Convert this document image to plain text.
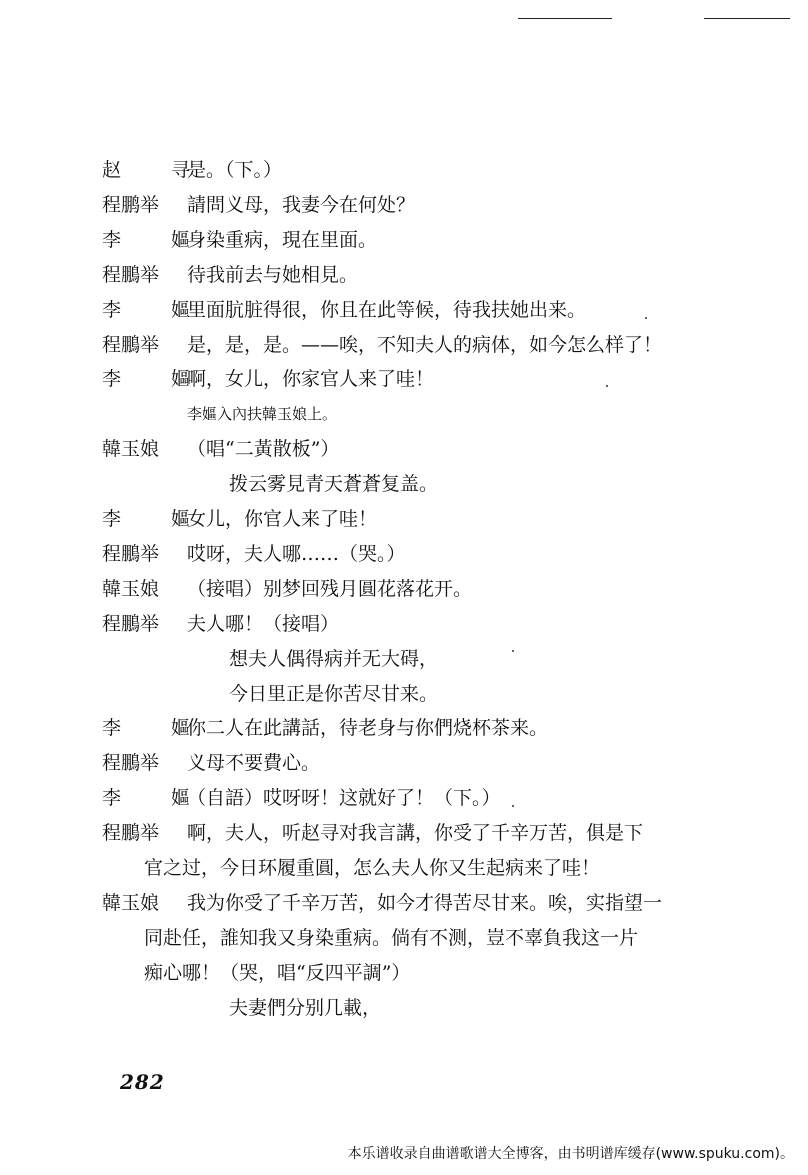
赵 寻
是。（下。）
程鹏举	請問义母，我妻今在何处？
李 嫗
身染重病，現在里面。
程鵬举	待我前去与她相見。
李 嫗
里面肮脏得很，你且在此等候，待我扶她出来。
程鵬举	是，是，是。——唉，不知夫人的病体，如今怎么样了！
李 嫗
啊，女儿，你家官人来了哇！
李嫗入內扶韓玉娘上。
韓玉娘	（唱“二黃散板”）
拨云雾見青天蒼蒼复盖。
李 嫗
女儿，你官人来了哇！
程鵬举	哎呀，夫人哪……（哭。）
韓玉娘	（接唱）别梦回残月圓花落花开。
程鵬举	夫人哪！（接唱）
想夫人偶得病并无大碍，
今日里正是你苦尽甘来。
李 嫗
你二人在此講話，待老身与你們烧杯茶来。
程鵬举	义母不要費心。
李 嫗
（自語）哎呀呀！这就好了！（下。）
程鵬举	啊，夫人，听赵寻对我言講，你受了千辛万苦，俱是下
官之过，今日环履重圓，怎么夫人你又生起病来了哇！
韓玉娘	我为你受了千辛万苦，如今才得苦尽甘来。唉，实指望一
同赴任，誰知我又身染重病。倘有不测，豈不辜負我这一片
痴心哪！（哭，唱“反四平調”）
夫妻們分别几載，
282
本乐谱收录自曲谱歌谱大全博客，由书明谱库缓存(www.spuku.com)。
